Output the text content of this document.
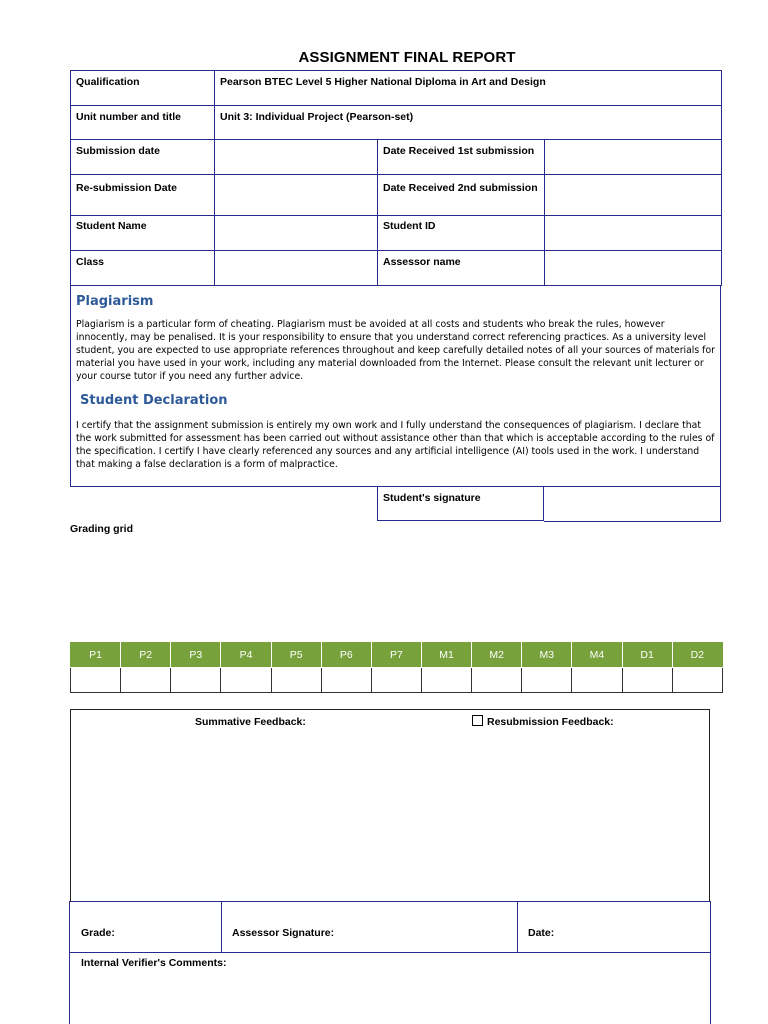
ASSIGNMENT FINAL REPORT
Qualification	Pearson BTEC Level 5 Higher National Diploma in Art and Design		

Unit number and title	Unit 3: Individual Project (Pearson-set)		

Submission date		Date Received 1st submission	

Re-submission Date		Date Received 2nd submission	

Student Name		Student ID	

Class		Assessor name	

Plagiarism
Plagiarism is a particular form of cheating. Plagiarism must be avoided at all costs and students who break the rules, however innocently, may be penalised. It is your responsibility to ensure that you understand correct referencing practices. As a university level student, you are expected to use appropriate references throughout and keep carefully detailed notes of all your sources of materials for material you have used in your work, including any material downloaded from the Internet. Please consult the relevant unit lecturer or your course tutor if you need any further advice.
Student Declaration
I certify that the assignment submission is entirely my own work and I fully understand the consequences of plagiarism. I declare that the work submitted for assessment has been carried out without assistance other than that which is acceptable according to the rules of the specification. I certify I have clearly referenced any sources and any artificial intelligence (AI) tools used in the work. I understand that making a false declaration is a form of malpractice.
Student's signature
Grading grid
P1	P2	P3	P4	P5	P6	P7	M1	M2	M3	M4	D1	D2

Summative Feedback:	Resubmission Feedback:
Grade:	Assessor Signature:	Date:
Internal Verifier's Comments:
